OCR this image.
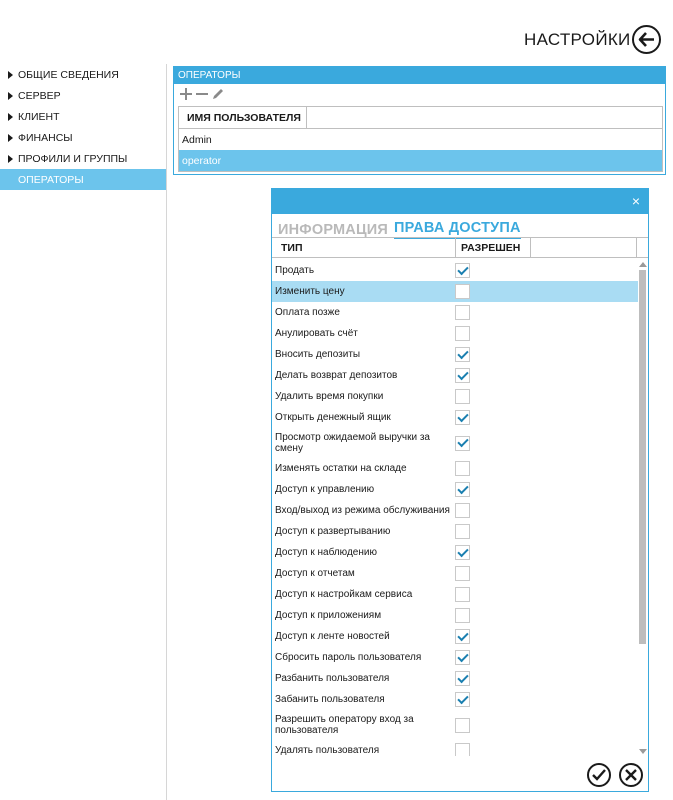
НАСТРОЙКИ
ОБЩИЕ СВЕДЕНИЯ
СЕРВЕР
КЛИЕНТ
ФИНАНСЫ
ПРОФИЛИ И ГРУППЫ
ОПЕРАТОРЫ
ОПЕРАТОРЫ
ИМЯ ПОЛЬЗОВАТЕЛЯ
Admin
operator
×
ИНФОРМАЦИЯ ПРАВА ДОСТУПА
ТИП	РАЗРЕШЕН
Продать
Изменить цену
Оплата позже
Анулировать счёт
Вносить депозиты
Делать возврат депозитов
Удалить время покупки
Открыть денежный ящик
Просмотр ожидаемой выручки за смену
Изменять остатки на складе
Доступ к управлению
Вход/выход из режима обслуживания
Доступ к развертыванию
Доступ к наблюдению
Доступ к отчетам
Доступ к настройкам сервиса
Доступ к приложениям
Доступ к ленте новостей
Сбросить пароль пользователя
Разбанить пользователя
Забанить пользователя
Разрешить оператору вход за пользователя
Удалять пользователя
